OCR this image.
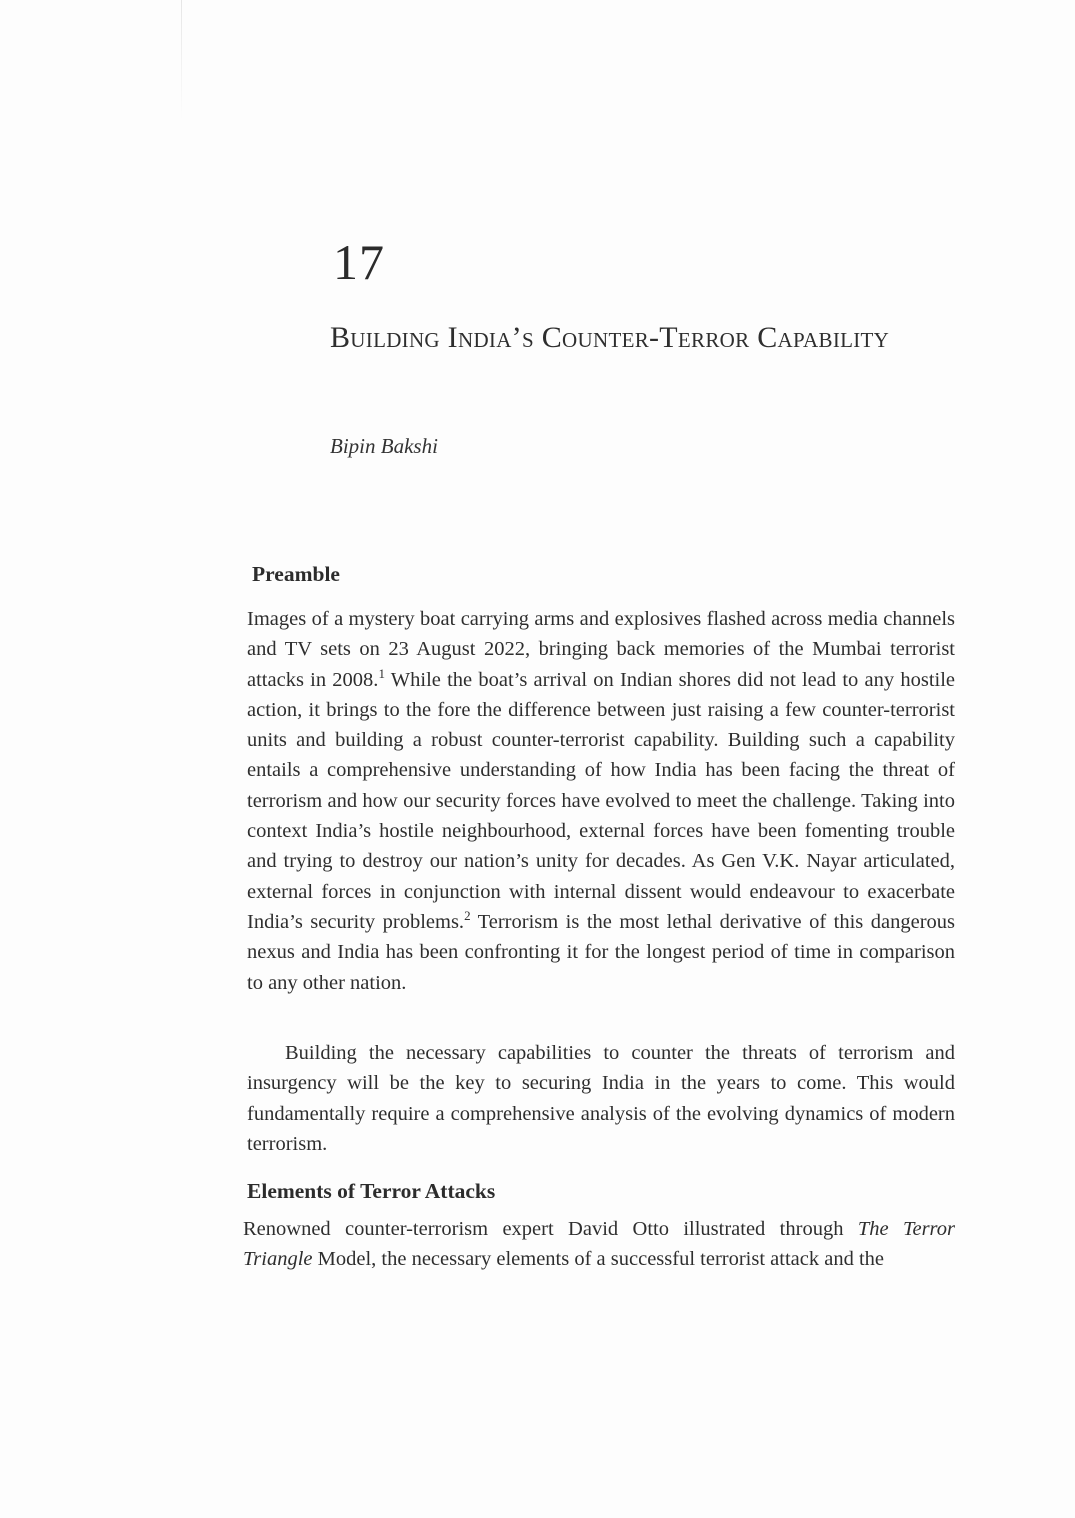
17
Building India’s Counter-Terror Capability
Bipin Bakshi
Preamble

Images of a mystery boat carrying arms and explosives flashed across media channels and TV sets on 23 August 2022, bringing back memories of the Mumbai terrorist attacks in 2008.$^1$ While the boat’s arrival on Indian shores did not lead to any hostile action, it brings to the fore the difference between just raising a few counter-terrorist units and building a robust counter-terrorist capability. Building such a capability entails a comprehensive understanding of how India has been facing the threat of terrorism and how our security forces have evolved to meet the challenge. Taking into context India’s hostile neighbourhood, external forces have been fomenting trouble and trying to destroy our nation’s unity for decades. As Gen V.K. Nayar articulated, external forces in conjunction with internal dissent would endeavour to exacerbate India’s security problems.$^2$ Terrorism is the most lethal derivative of this dangerous nexus and India has been confronting it for the longest period of time in comparison to any other nation.

Building the necessary capabilities to counter the threats of terrorism and insurgency will be the key to securing India in the years to come. This would fundamentally require a comprehensive analysis of the evolving dynamics of modern terrorism.

Elements of Terror Attacks

Renowned counter-terrorism expert David Otto illustrated through The Terror Triangle Model, the necessary elements of a successful terrorist attack and the
